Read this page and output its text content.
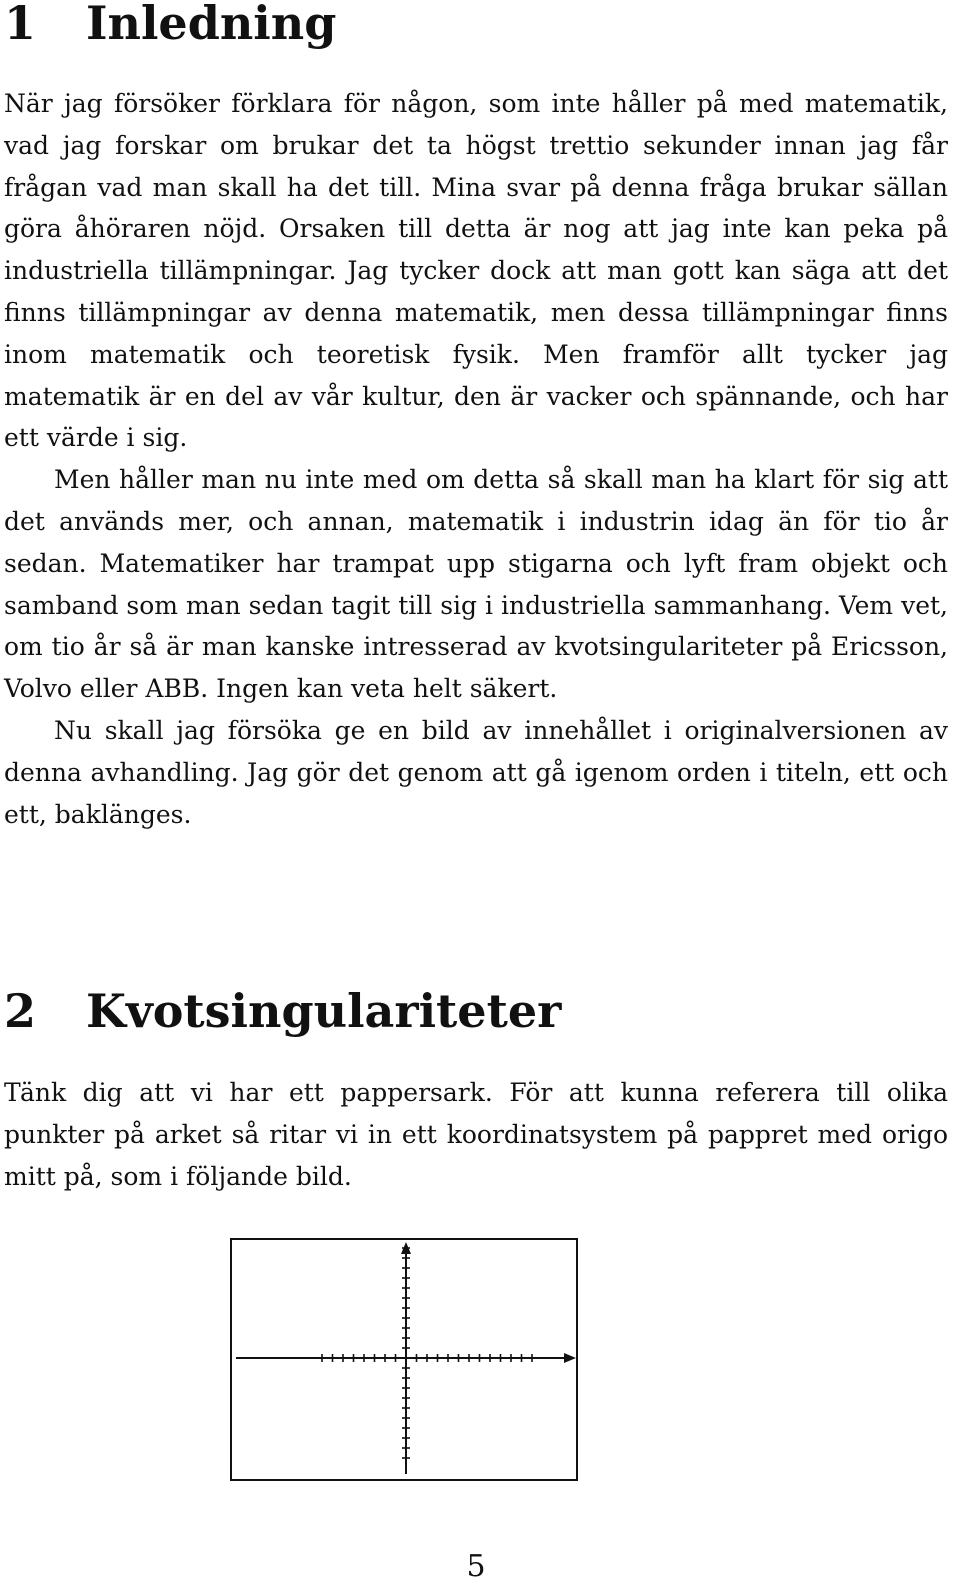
1 Inledning

När jag försöker förklara för någon, som inte håller på med matematik, vad jag forskar om brukar det ta högst trettio sekunder innan jag får frågan vad man skall ha det till. Mina svar på denna fråga brukar sällan göra åhöraren nöjd. Orsaken till detta är nog att jag inte kan peka på industriella tillämpningar. Jag tycker dock att man gott kan säga att det finns tillämpningar av denna matematik, men dessa tillämpningar finns inom matematik och teoretisk fysik. Men framför allt tycker jag matematik är en del av vår kultur, den är vacker och spännande, och har ett värde i sig.

Men håller man nu inte med om detta så skall man ha klart för sig att det används mer, och annan, matematik i industrin idag än för tio år sedan. Matematiker har trampat upp stigarna och lyft fram objekt och samband som man sedan tagit till sig i industriella sammanhang. Vem vet, om tio år så är man kanske intresserad av kvotsingulariteter på Ericsson, Volvo eller ABB. Ingen kan veta helt säkert.

Nu skall jag försöka ge en bild av innehållet i originalversionen av denna avhandling. Jag gör det genom att gå igenom orden i titeln, ett och ett, baklänges.

2 Kvotsingulariteter

Tänk dig att vi har ett pappersark. För att kunna referera till olika punkter på arket så ritar vi in ett koordinatsystem på pappret med origo mitt på, som i följande bild.

5
